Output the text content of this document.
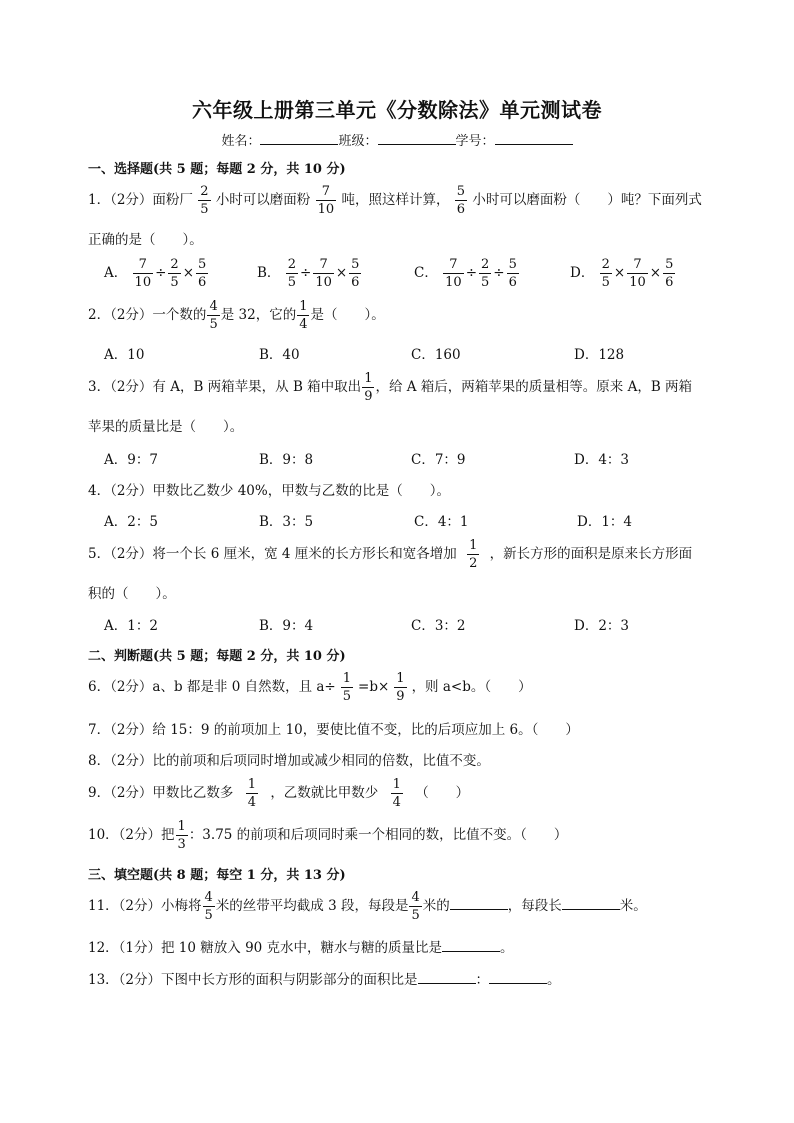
六年级上册第三单元《分数除法》单元测试卷
姓名：	班级：	学号：
一、选择题(共 5 题；每题 2 分，共 10 分)
1．（2分）面粉厂 $\frac{2}{5}$ 小时可以磨面粉 $\frac{7}{10}$ 吨，照这样计算， $\frac{5}{6}$ 小时可以磨面粉（　　）吨？下面列式
正确的是（　　）。
A． $\frac{7}{10} \div \frac{2}{5} \times \frac{5}{6}$	B． $\frac{2}{5} \div \frac{7}{10} \times \frac{5}{6}$	C． $\frac{7}{10} \div \frac{2}{5} \div \frac{5}{6}$	D． $\frac{2}{5} \times \frac{7}{10} \times \frac{5}{6}$
2．（2分）一个数的 $\frac{4}{5}$ 是 32，它的 $\frac{1}{4}$ 是（　　）。
A．10	B．40	C．160	D．128
3．（2分）有 A，B 两箱苹果，从 B 箱中取出 $\frac{1}{9}$ ，给 A 箱后，两箱苹果的质量相等。原来 A，B 两箱
苹果的质量比是（　　）。
A．9：7	B．9：8	C．7：9	D．4：3
4．（2分）甲数比乙数少 40%，甲数与乙数的比是（　　）。
A．2：5	B．3：5	C．4：1	D．1：4
5．（2分）将一个长 6 厘米，宽 4 厘米的长方形长和宽各增加 $\frac{1}{2}$ ，新长方形的面积是原来长方形面
积的（　　）。
A．1：2	B．9：4	C．3：2	D．2：3
二、判断题(共 5 题；每题 2 分，共 10 分)
6．（2分）a、b 都是非 0 自然数，且 $a\div \frac{1}{5} =b\times \frac{1}{9}$ ，则 a<b。（　　）
7．（2分）给 15：9 的前项加上 10，要使比值不变，比的后项应加上 6。（　　）
8．（2分）比的前项和后项同时增加或减少相同的倍数，比值不变。
9．（2分）甲数比乙数多 $\frac{1}{4}$ ，乙数就比甲数少 $\frac{1}{4}$ （　　）
10．（2分）把 $\frac{1}{3}$ ：3.75 的前项和后项同时乘一个相同的数，比值不变。（　　）
三、填空题(共 8 题；每空 1 分，共 13 分)
11．（2分）小梅将 $\frac{4}{5}$ 米的丝带平均截成 3 段，每段是 $\frac{4}{5}$ 米的	，每段长	米。
12．（1分）把 10 糖放入 90 克水中，糖水与糖的质量比是	。
13．（2分）下图中长方形的面积与阴影部分的面积比是	：	。
